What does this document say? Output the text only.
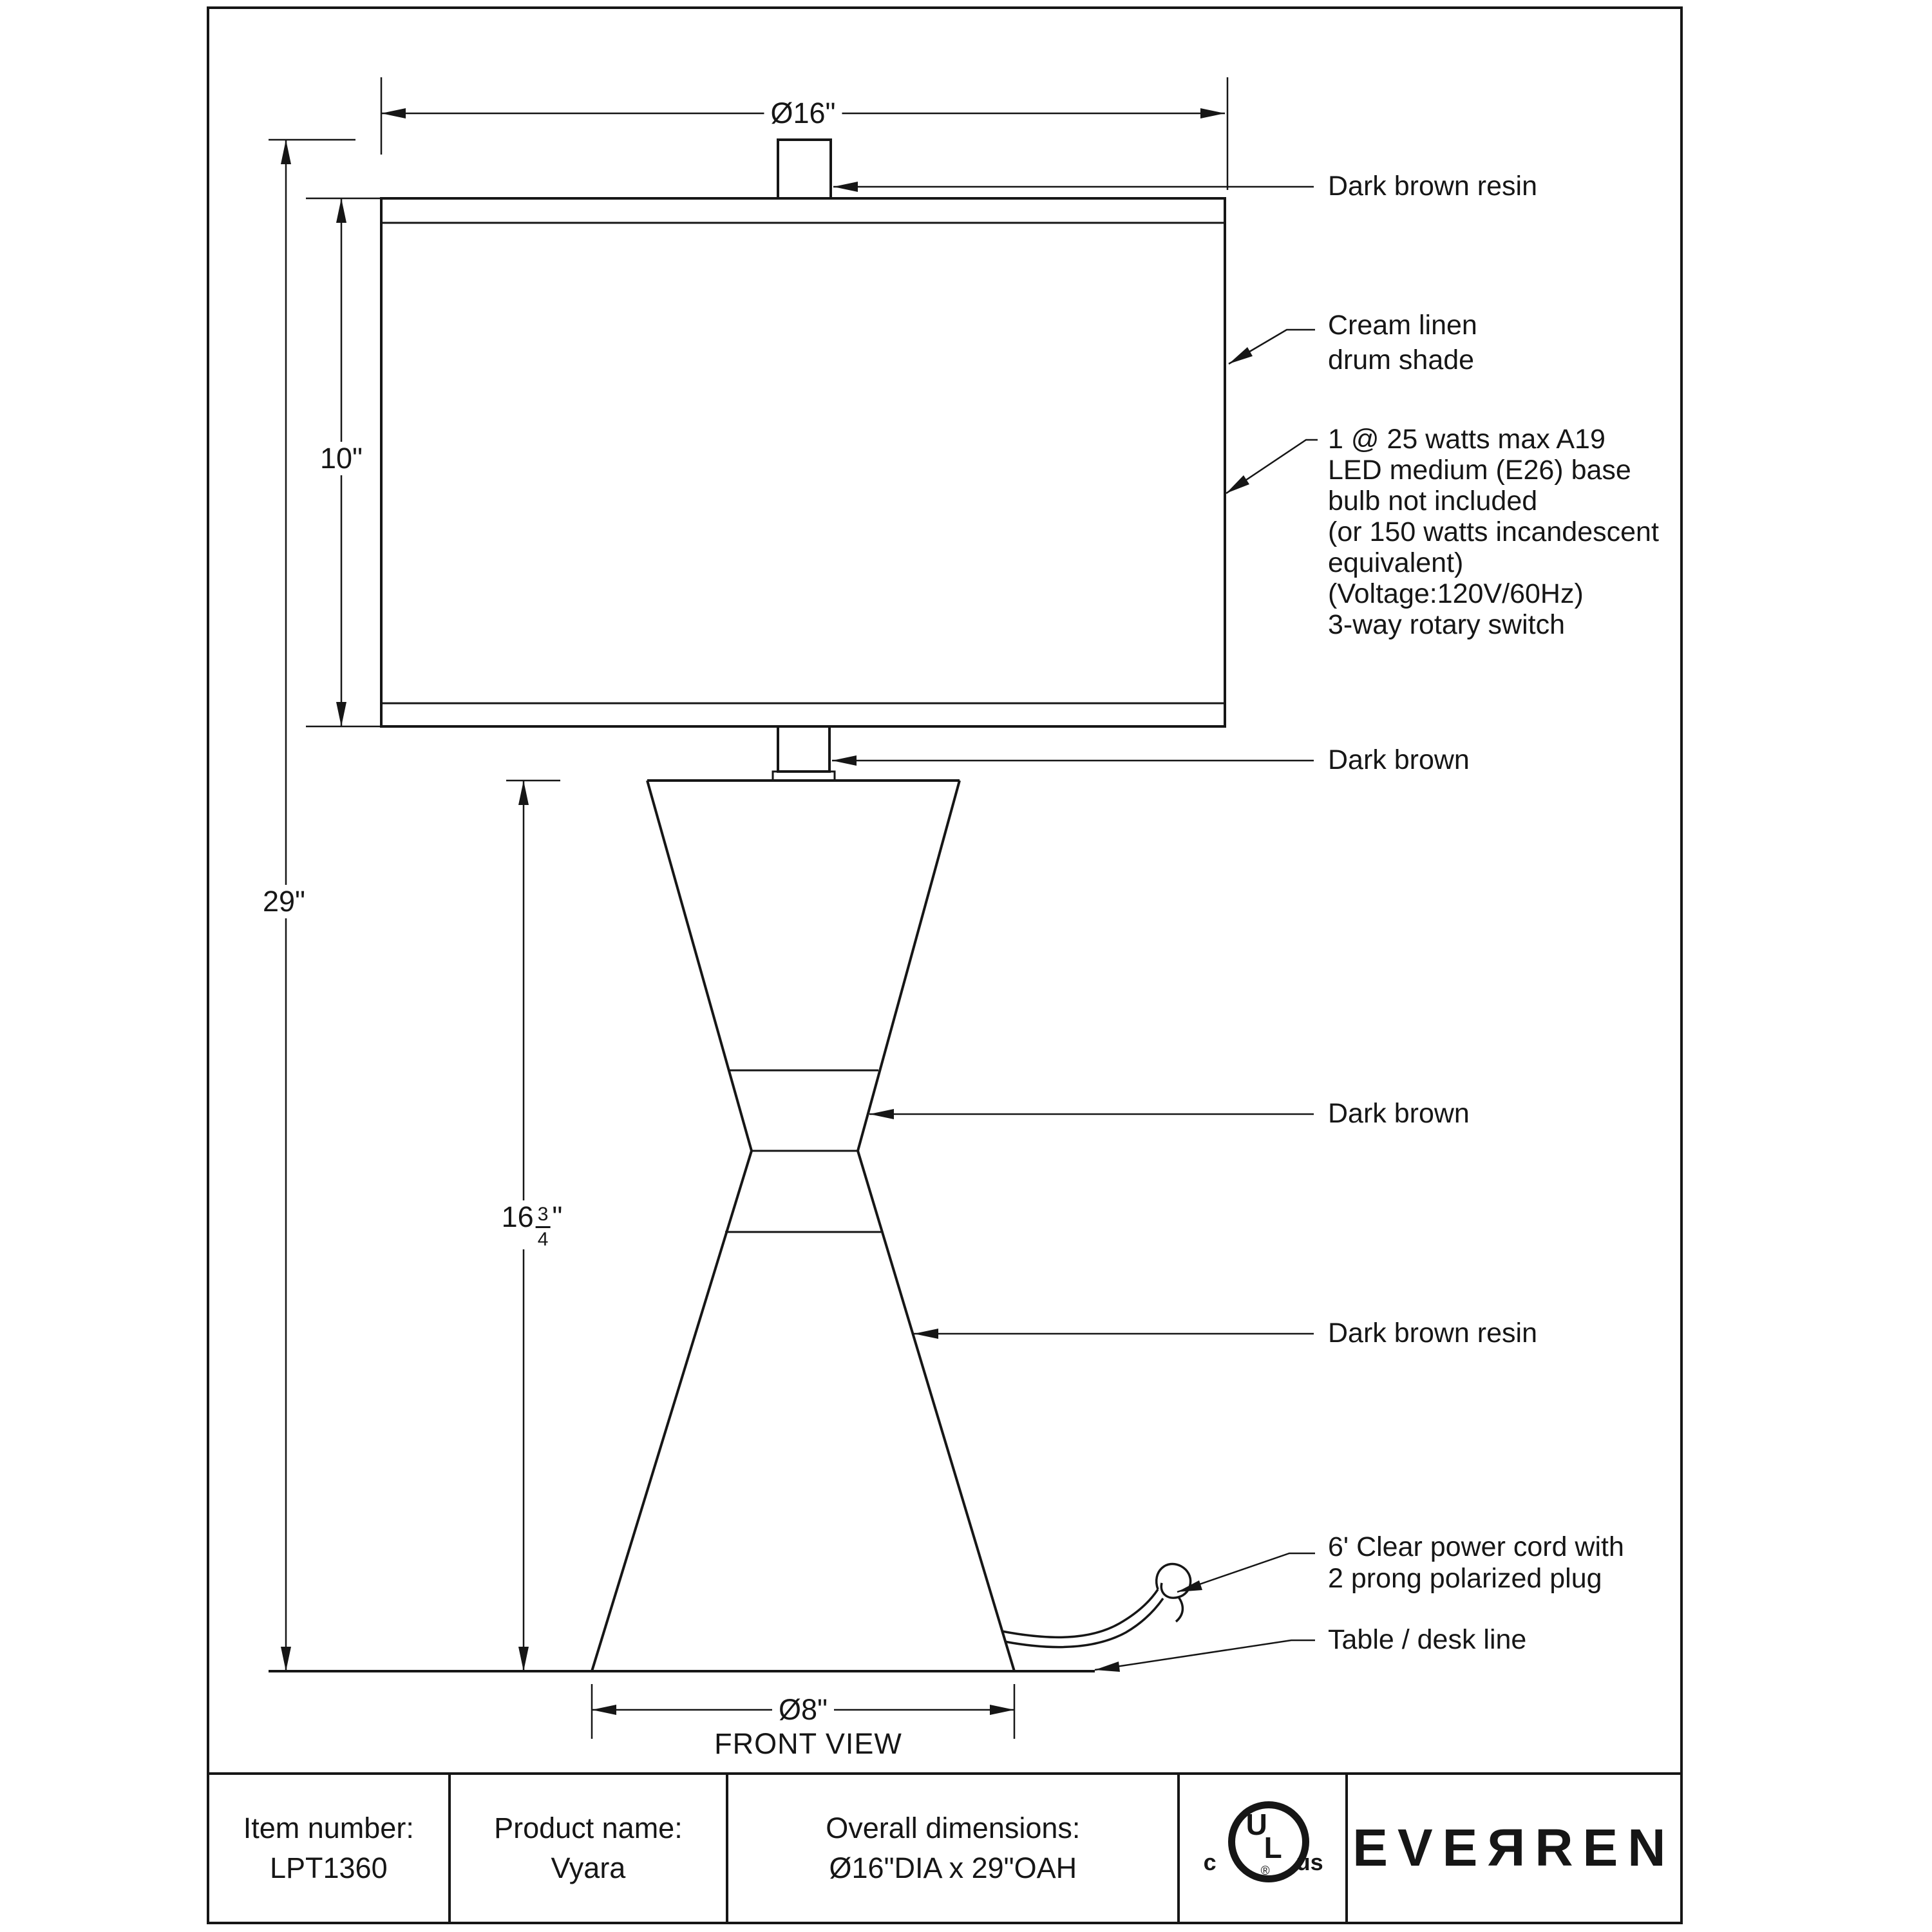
Ø16"
10"
29"
$16 \frac{3}{4}$ "
Ø8"
FRONT VIEW
Dark brown resin
Cream linen
drum shade
1 @ 25 watts max A19
LED medium (E26) base
bulb not included
(or 150 watts incandescent
equivalent)
(Voltage:120V/60Hz)
3-way rotary switch
Dark brown
Dark brown
Dark brown resin
6' Clear power cord with
2 prong polarized plug
Table / desk line
Item number:
LPT1360
Product name:
Vyara
Overall dimensions:
Ø16"DIA x 29"OAH	c
U
L
® us EVEЯREN
